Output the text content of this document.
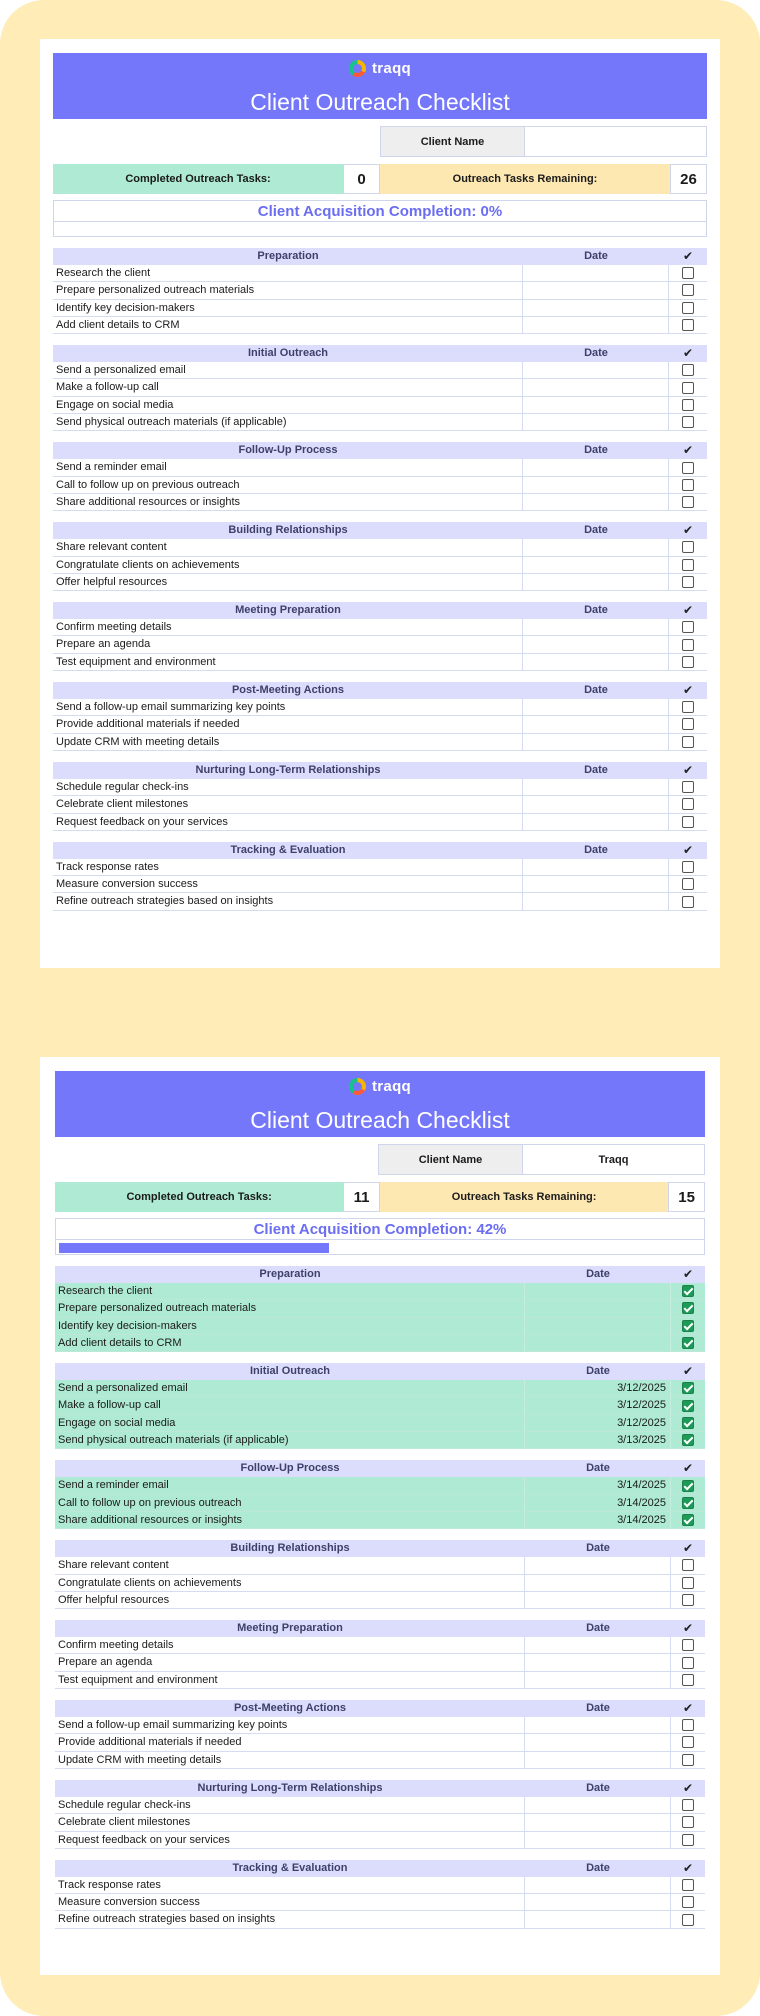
traqq
Client Outreach Checklist
Client Name
Completed Outreach Tasks:	0	Outreach Tasks Remaining:	26
Client Acquisition Completion: 0%
Preparation	Date	✔
Research the client
Prepare personalized outreach materials
Identify key decision-makers
Add client details to CRM
Initial Outreach	Date	✔
Send a personalized email
Make a follow-up call
Engage on social media
Send physical outreach materials (if applicable)
Follow-Up Process	Date	✔
Send a reminder email
Call to follow up on previous outreach
Share additional resources or insights
Building Relationships	Date	✔
Share relevant content
Congratulate clients on achievements
Offer helpful resources
Meeting Preparation	Date	✔
Confirm meeting details
Prepare an agenda
Test equipment and environment
Post-Meeting Actions	Date	✔
Send a follow-up email summarizing key points
Provide additional materials if needed
Update CRM with meeting details
Nurturing Long-Term Relationships	Date	✔
Schedule regular check-ins
Celebrate client milestones
Request feedback on your services
Tracking & Evaluation	Date	✔
Track response rates
Measure conversion success
Refine outreach strategies based on insights
traqq
Client Outreach Checklist
Client Name	Traqq
Completed Outreach Tasks:	11	Outreach Tasks Remaining:	15
Client Acquisition Completion: 42%
Preparation	Date	✔
Research the client
Prepare personalized outreach materials
Identify key decision-makers
Add client details to CRM
Initial Outreach	Date	✔
Send a personalized email	3/12/2025
Make a follow-up call	3/12/2025
Engage on social media	3/12/2025
Send physical outreach materials (if applicable)	3/13/2025
Follow-Up Process	Date	✔
Send a reminder email	3/14/2025
Call to follow up on previous outreach	3/14/2025
Share additional resources or insights	3/14/2025
Building Relationships	Date	✔
Share relevant content
Congratulate clients on achievements
Offer helpful resources
Meeting Preparation	Date	✔
Confirm meeting details
Prepare an agenda
Test equipment and environment
Post-Meeting Actions	Date	✔
Send a follow-up email summarizing key points
Provide additional materials if needed
Update CRM with meeting details
Nurturing Long-Term Relationships	Date	✔
Schedule regular check-ins
Celebrate client milestones
Request feedback on your services
Tracking & Evaluation	Date	✔
Track response rates
Measure conversion success
Refine outreach strategies based on insights
